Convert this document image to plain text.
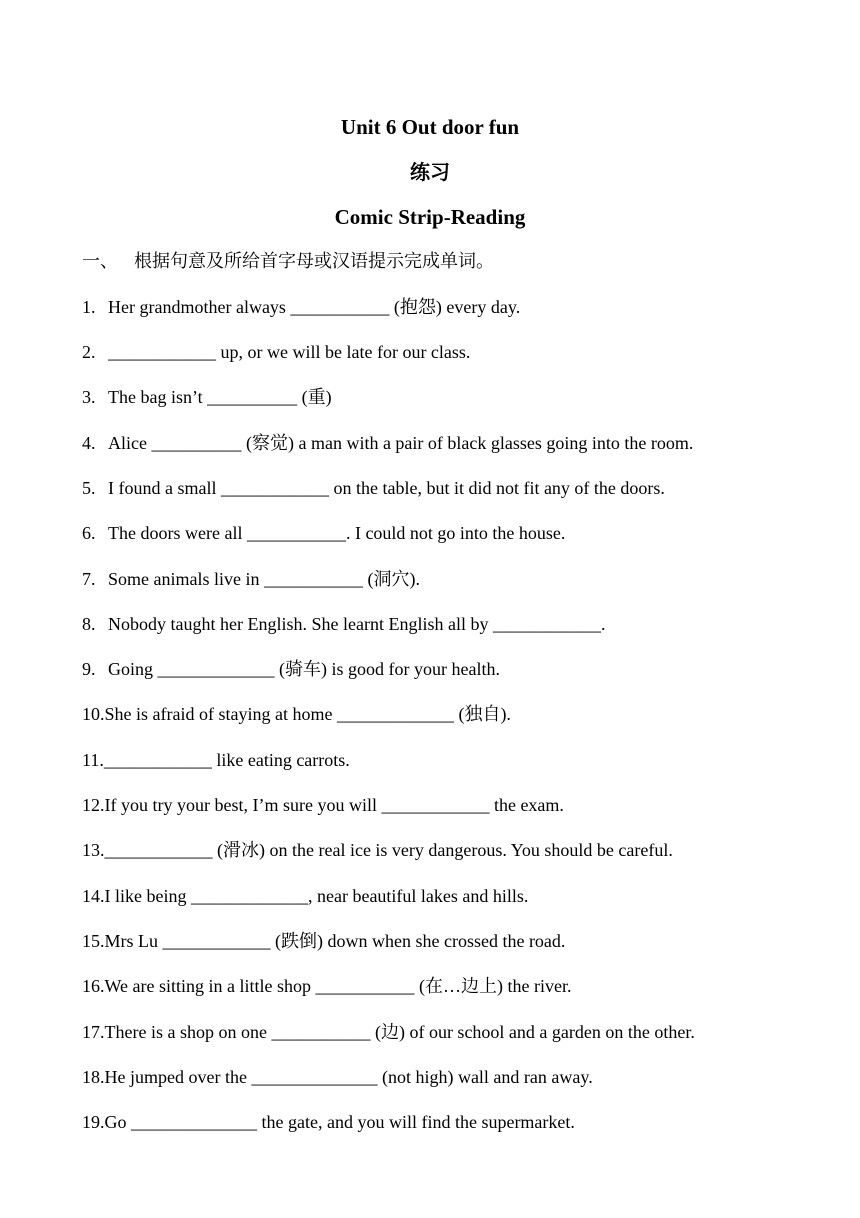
Unit 6 Out door fun
练习
Comic Strip-Reading
一、 根据句意及所给首字母或汉语提示完成单词。
1. Her grandmother always ___________ (抱怨) every day.
2. ____________ up, or we will be late for our class.
3. The bag isn’t __________ (重)
4. Alice __________ (察觉) a man with a pair of black glasses going into the room.
5. I found a small ____________ on the table, but it did not fit any of the doors.
6. The doors were all ___________. I could not go into the house.
7. Some animals live in ___________ (洞穴).
8. Nobody taught her English. She learnt English all by ____________.
9. Going _____________ (骑车) is good for your health.
10.She is afraid of staying at home _____________ (独自).
11.____________ like eating carrots.
12.If you try your best, I’m sure you will ____________ the exam.
13.____________ (滑冰) on the real ice is very dangerous. You should be careful.
14.I like being _____________, near beautiful lakes and hills.
15.Mrs Lu ____________ (跌倒) down when she crossed the road.
16.We are sitting in a little shop ___________ (在…边上) the river.
17.There is a shop on one ___________ (边) of our school and a garden on the other.
18.He jumped over the ______________ (not high) wall and ran away.
19.Go ______________ the gate, and you will find the supermarket.
